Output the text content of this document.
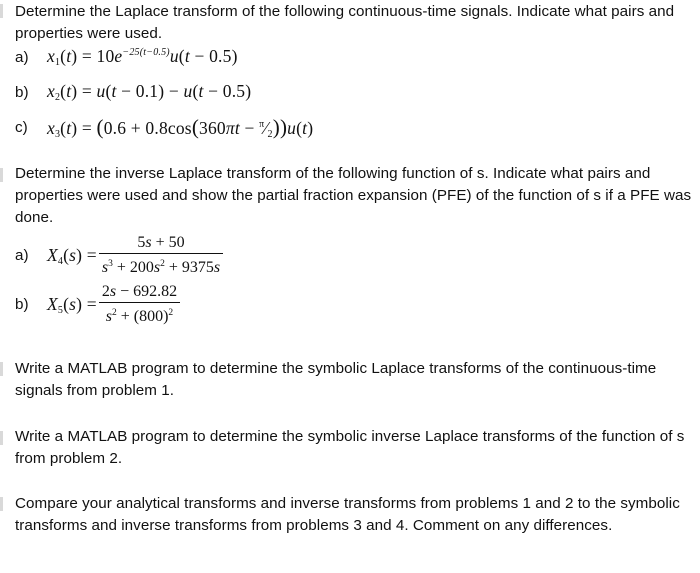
Determine the Laplace transform of the following continuous-time signals. Indicate what pairs and properties were used.
a)	$x_1(t) = 10e^{-25(t-0.5)}u(t - 0.5)$
b)	$x_2(t) = u(t - 0.1) - u(t - 0.5)$
c)	$x_3(t) = (0.6 + 0.8\cos(360\pi t$ − $^\pi⁄_2))u(t)$
Determine the inverse Laplace transform of the following function of s. Indicate what pairs and properties were used and show the partial fraction expansion (PFE) of the function of s if a PFE was done.
a)	$X_4(s) = \frac{5s + 50}{s^3 + 200s^2 + 9375s}$
b)	$X_5(s) = \frac{2s - 692.82}{s^2 + (800)^2}$
Write a MATLAB program to determine the symbolic Laplace transforms of the continuous-time signals from problem 1.
Write a MATLAB program to determine the symbolic inverse Laplace transforms of the function of s from problem 2.
Compare your analytical transforms and inverse transforms from problems 1 and 2 to the symbolic transforms and inverse transforms from problems 3 and 4. Comment on any differences.
